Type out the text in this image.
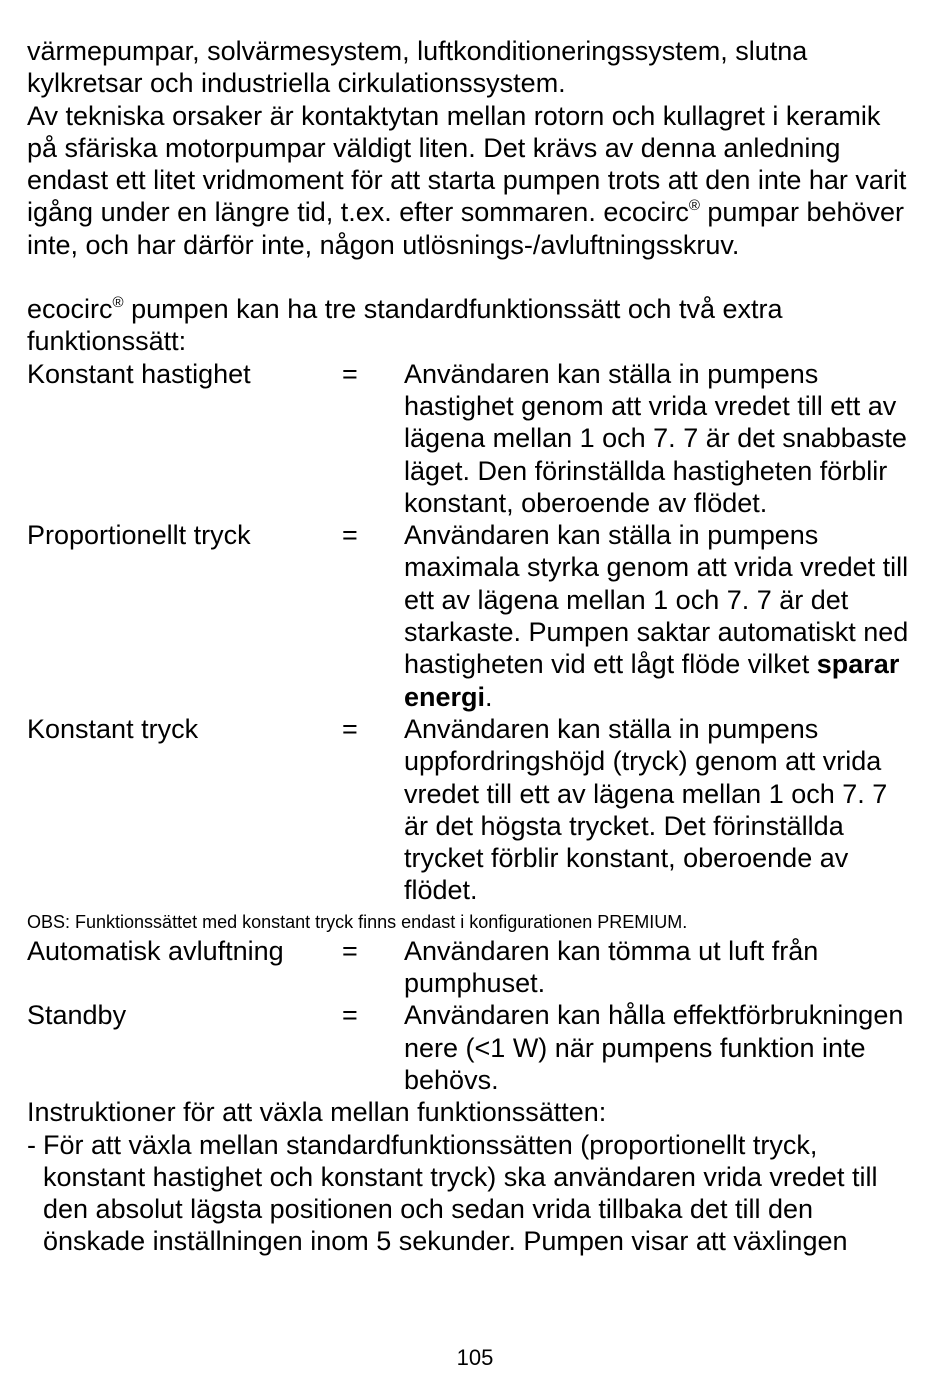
värmepumpar, solvärmesystem, luftkonditioneringssystem, slutna kylkretsar och industriella cirkulationssystem.

Av tekniska orsaker är kontaktytan mellan rotorn och kullagret i keramik på sfäriska motorpumpar väldigt liten. Det krävs av denna anledning endast ett litet vridmoment för att starta pumpen trots att den inte har varit igång under en längre tid, t.ex. efter sommaren. ecocirc® pumpar behöver inte, och har därför inte, någon utlösnings-/avluftningsskruv.

ecocirc® pumpen kan ha tre standardfunktionssätt och två extra funktionssätt:

Konstant hastighet	=	Användaren kan ställa in pumpens hastighet genom att vrida vredet till ett av lägena mellan 1 och 7. 7 är det snabbaste läget. Den förinställda hastigheten förblir konstant, oberoende av flödet.
Proportionellt tryck	=	Användaren kan ställa in pumpens maximala styrka genom att vrida vredet till ett av lägena mellan 1 och 7. 7 är det starkaste. Pumpen saktar automatiskt ned hastigheten vid ett lågt flöde vilket sparar energi.
Konstant tryck	=	Användaren kan ställa in pumpens uppfordringshöjd (tryck) genom att vrida vredet till ett av lägena mellan 1 och 7. 7 är det högsta trycket. Det förinställda trycket förblir konstant, oberoende av flödet.

OBS: Funktionssättet med konstant tryck finns endast i konfigurationen PREMIUM.

Automatisk avluftning	=	Användaren kan tömma ut luft från pumphuset.
Standby	=	Användaren kan hålla effektförbrukningen nere (<1 W) när pumpens funktion inte behövs.
Instruktioner för att växla mellan funktionssätten:
- För att växla mellan standardfunktionssätten (proportionellt tryck, konstant hastighet och konstant tryck) ska användaren vrida vredet till den absolut lägsta positionen och sedan vrida tillbaka det till den önskade inställningen inom 5 sekunder. Pumpen visar att växlingen
105
